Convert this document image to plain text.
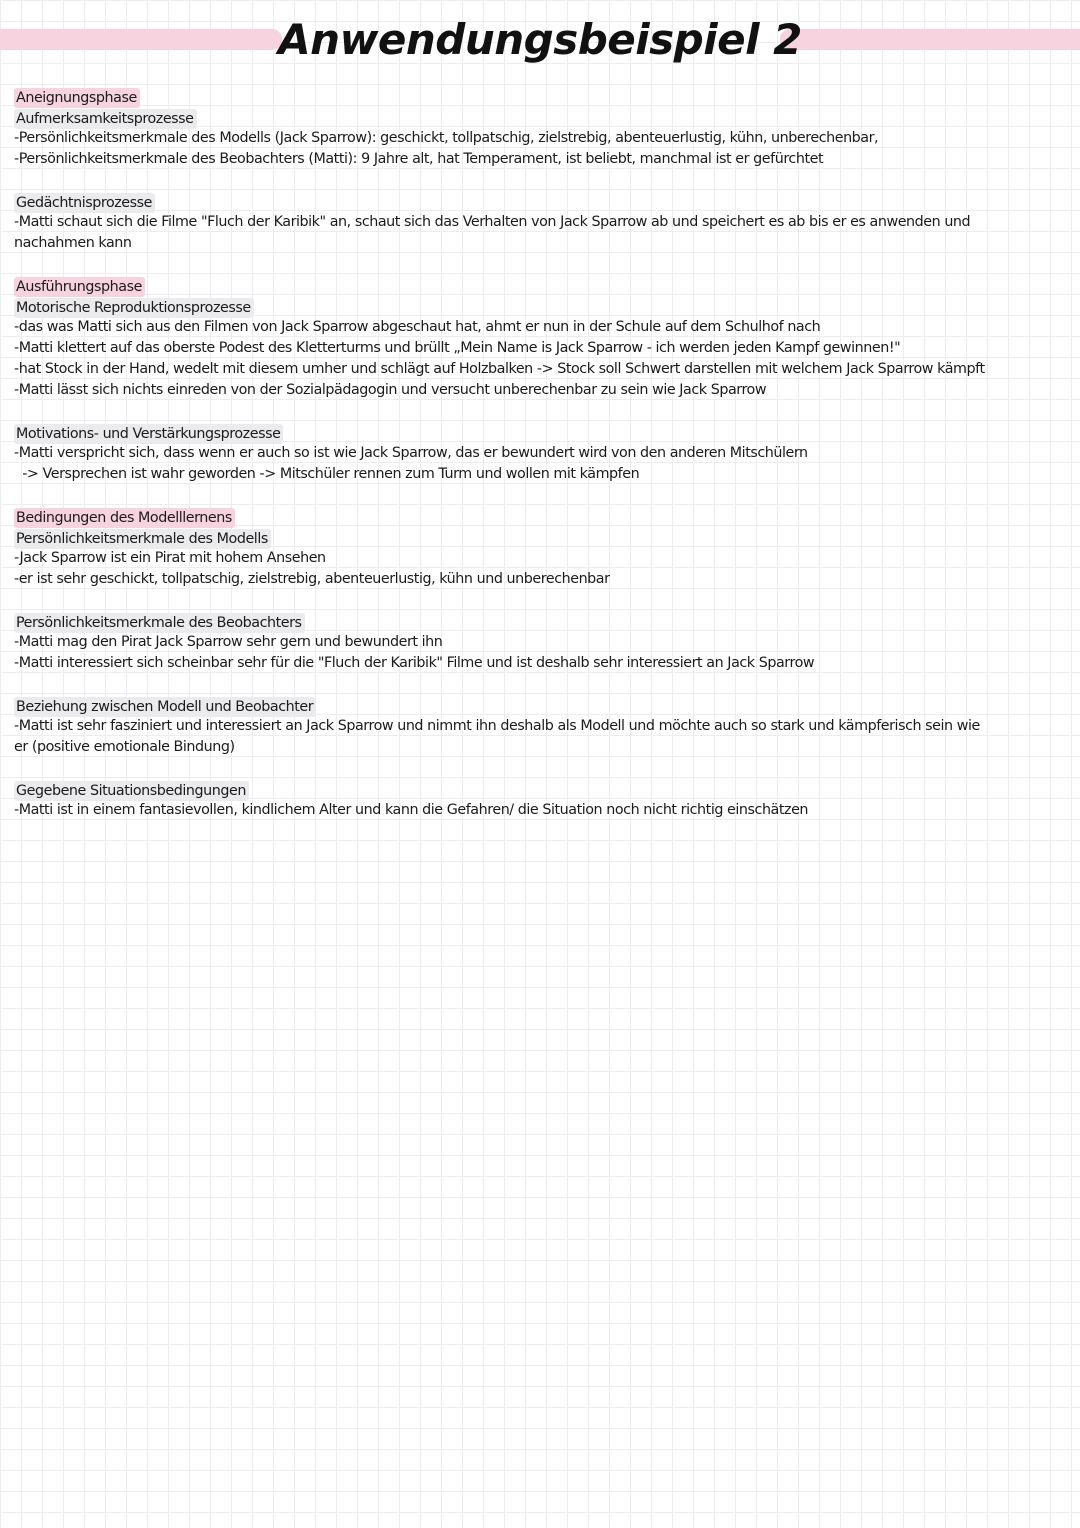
Anwendungsbeispiel 2
Aneignungsphase
Aufmerksamkeitsprozesse

-Persönlichkeitsmerkmale des Modells (Jack Sparrow): geschickt, tollpatschig, zielstrebig, abenteuerlustig, kühn, unberechenbar,

-Persönlichkeitsmerkmale des Beobachters (Matti): 9 Jahre alt, hat Temperament, ist beliebt, manchmal ist er gefürchtet

Gedächtnisprozesse

-Matti schaut sich die Filme "Fluch der Karibik" an, schaut sich das Verhalten von Jack Sparrow ab und speichert es ab bis er es anwenden und

nachahmen kann

Ausführungsphase
Motorische Reproduktionsprozesse

-das was Matti sich aus den Filmen von Jack Sparrow abgeschaut hat, ahmt er nun in der Schule auf dem Schulhof nach

-Matti klettert auf das oberste Podest des Kletterturms und brüllt „Mein Name is Jack Sparrow - ich werden jeden Kampf gewinnen!"

-hat Stock in der Hand, wedelt mit diesem umher und schlägt auf Holzbalken -> Stock soll Schwert darstellen mit welchem Jack Sparrow kämpft

-Matti lässt sich nichts einreden von der Sozialpädagogin und versucht unberechenbar zu sein wie Jack Sparrow

Motivations- und Verstärkungsprozesse

-Matti verspricht sich, dass wenn er auch so ist wie Jack Sparrow, das er bewundert wird von den anderen Mitschülern

-> Versprechen ist wahr geworden -> Mitschüler rennen zum Turm und wollen mit kämpfen

Bedingungen des Modelllernens
Persönlichkeitsmerkmale des Modells

-Jack Sparrow ist ein Pirat mit hohem Ansehen

-er ist sehr geschickt, tollpatschig, zielstrebig, abenteuerlustig, kühn und unberechenbar

Persönlichkeitsmerkmale des Beobachters

-Matti mag den Pirat Jack Sparrow sehr gern und bewundert ihn

-Matti interessiert sich scheinbar sehr für die "Fluch der Karibik" Filme und ist deshalb sehr interessiert an Jack Sparrow

Beziehung zwischen Modell und Beobachter

-Matti ist sehr fasziniert und interessiert an Jack Sparrow und nimmt ihn deshalb als Modell und möchte auch so stark und kämpferisch sein wie

er (positive emotionale Bindung)

Gegebene Situationsbedingungen

-Matti ist in einem fantasievollen, kindlichem Alter und kann die Gefahren/ die Situation noch nicht richtig einschätzen
